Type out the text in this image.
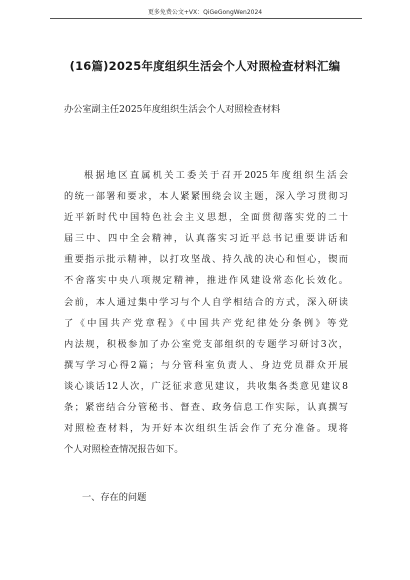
更多免费公文+VX：QiGeGongWen2024
(16篇)2025年度组织生活会个人对照检查材料汇编

办公室副主任2025年度组织生活会个人对照检查材料

根据地区直属机关工委关于召开2025年度组织生活会
的统一部署和要求，本人紧紧围绕会议主题，深入学习贯彻习
近平新时代中国特色社会主义思想，全面贯彻落实党的二十
届三中、四中全会精神，认真落实习近平总书记重要讲话和
重要指示批示精神，以打攻坚战、持久战的决心和恒心，锲而
不舍落实中央八项规定精神，推进作风建设常态化长效化。
会前，本人通过集中学习与个人自学相结合的方式，深入研读
了《中国共产党章程》《中国共产党纪律处分条例》等党
内法规，积极参加了办公室党支部组织的专题学习研讨3次，
撰写学习心得2篇；与分管科室负责人、身边党员群众开展
谈心谈话12人次，广泛征求意见建议，共收集各类意见建议8
条；紧密结合分管秘书、督查、政务信息工作实际，认真撰写
对照检查材料，为开好本次组织生活会作了充分准备。现将
个人对照检查情况报告如下。

一、存在的问题
